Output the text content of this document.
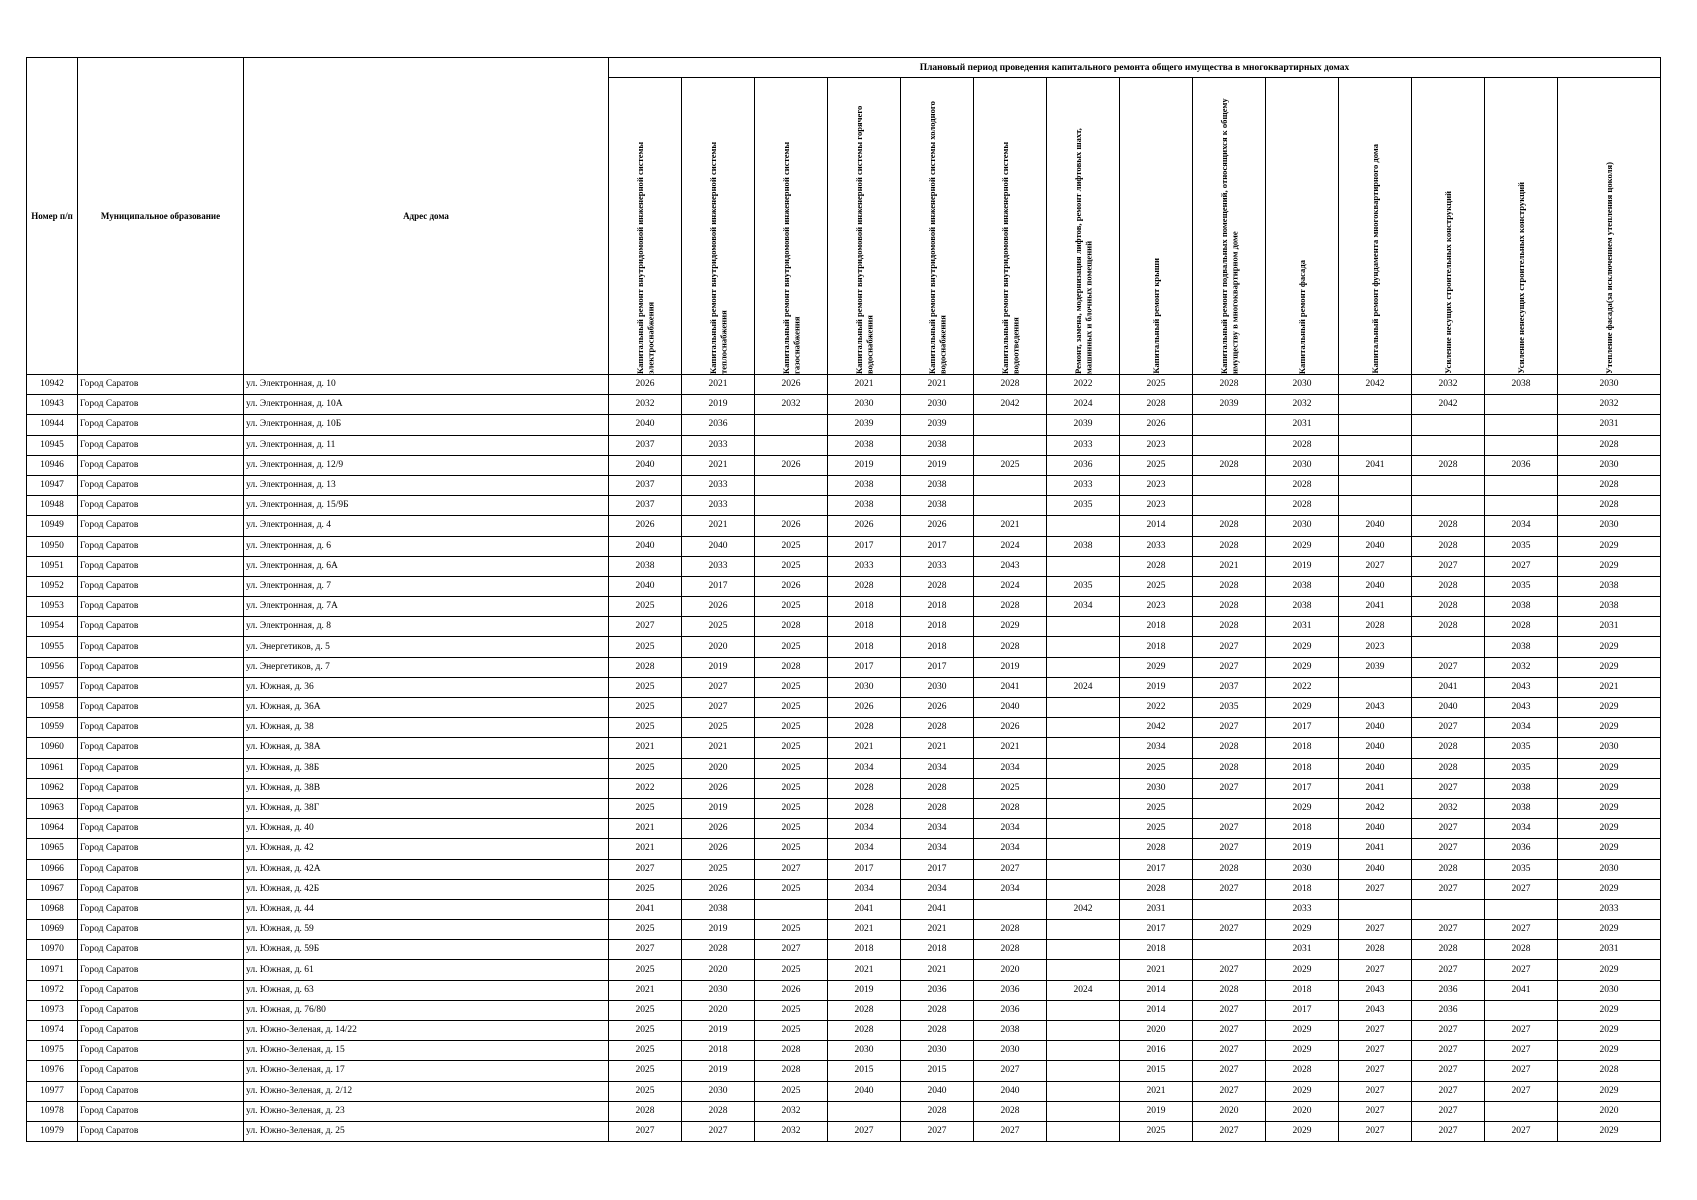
Номер п/п	Муниципальное образование	Адрес дома	Плановый период проведения капитального ремонта общего имущества в многоквартирных домах													

			Капитальный ремонт внутридомовой инженерной системы электроснабжения	Капитальный ремонт внутридомовой инженерной системы теплоснабжения	Капитальный ремонт внутридомовой инженерной системы газоснабжения	Капитальный ремонт внутридомовой инженерной системы горячего водоснабжения	Капитальный ремонт внутридомовой инженерной системы холодного водоснабжения	Капитальный ремонт внутридомовой инженерной системы водоотведения	Ремонт, замена, модернизация лифтов, ремонт лифтовых шахт, машинных и блочных помещений	Капитальный ремонт крыши	Капитальный ремонт подвальных помещений, относящихся к общему имуществу в многоквартирном доме	Капитальный ремонт фасада	Капитальный ремонт фундамента многоквартирного дома	Усиление несущих строительных конструкций	Усиление ненесущих строительных конструкций	Утепление фасада(за исключением утепления цоколя)

10942	Город Саратов	ул. Электронная, д. 10	2026	2021	2026	2021	2021	2028	2022	2025	2028	2030	2042	2032	2038	2030
10943	Город Саратов	ул. Электронная, д. 10А	2032	2019	2032	2030	2030	2042	2024	2028	2039	2032		2042		2032
10944	Город Саратов	ул. Электронная, д. 10Б	2040	2036		2039	2039		2039	2026		2031				2031
10945	Город Саратов	ул. Электронная, д. 11	2037	2033		2038	2038		2033	2023		2028				2028
10946	Город Саратов	ул. Электронная, д. 12/9	2040	2021	2026	2019	2019	2025	2036	2025	2028	2030	2041	2028	2036	2030
10947	Город Саратов	ул. Электронная, д. 13	2037	2033		2038	2038		2033	2023		2028				2028
10948	Город Саратов	ул. Электронная, д. 15/9Б	2037	2033		2038	2038		2035	2023		2028				2028
10949	Город Саратов	ул. Электронная, д. 4	2026	2021	2026	2026	2026	2021		2014	2028	2030	2040	2028	2034	2030
10950	Город Саратов	ул. Электронная, д. 6	2040	2040	2025	2017	2017	2024	2038	2033	2028	2029	2040	2028	2035	2029
10951	Город Саратов	ул. Электронная, д. 6А	2038	2033	2025	2033	2033	2043		2028	2021	2019	2027	2027	2027	2029
10952	Город Саратов	ул. Электронная, д. 7	2040	2017	2026	2028	2028	2024	2035	2025	2028	2038	2040	2028	2035	2038
10953	Город Саратов	ул. Электронная, д. 7А	2025	2026	2025	2018	2018	2028	2034	2023	2028	2038	2041	2028	2038	2038
10954	Город Саратов	ул. Электронная, д. 8	2027	2025	2028	2018	2018	2029		2018	2028	2031	2028	2028	2028	2031
10955	Город Саратов	ул. Энергетиков, д. 5	2025	2020	2025	2018	2018	2028		2018	2027	2029	2023		2038	2029
10956	Город Саратов	ул. Энергетиков, д. 7	2028	2019	2028	2017	2017	2019		2029	2027	2029	2039	2027	2032	2029
10957	Город Саратов	ул. Южная, д. 36	2025	2027	2025	2030	2030	2041	2024	2019	2037	2022		2041	2043	2021
10958	Город Саратов	ул. Южная, д. 36А	2025	2027	2025	2026	2026	2040		2022	2035	2029	2043	2040	2043	2029
10959	Город Саратов	ул. Южная, д. 38	2025	2025	2025	2028	2028	2026		2042	2027	2017	2040	2027	2034	2029
10960	Город Саратов	ул. Южная, д. 38А	2021	2021	2025	2021	2021	2021		2034	2028	2018	2040	2028	2035	2030
10961	Город Саратов	ул. Южная, д. 38Б	2025	2020	2025	2034	2034	2034		2025	2028	2018	2040	2028	2035	2029
10962	Город Саратов	ул. Южная, д. 38В	2022	2026	2025	2028	2028	2025		2030	2027	2017	2041	2027	2038	2029
10963	Город Саратов	ул. Южная, д. 38Г	2025	2019	2025	2028	2028	2028		2025		2029	2042	2032	2038	2029
10964	Город Саратов	ул. Южная, д. 40	2021	2026	2025	2034	2034	2034		2025	2027	2018	2040	2027	2034	2029
10965	Город Саратов	ул. Южная, д. 42	2021	2026	2025	2034	2034	2034		2028	2027	2019	2041	2027	2036	2029
10966	Город Саратов	ул. Южная, д. 42А	2027	2025	2027	2017	2017	2027		2017	2028	2030	2040	2028	2035	2030
10967	Город Саратов	ул. Южная, д. 42Б	2025	2026	2025	2034	2034	2034		2028	2027	2018	2027	2027	2027	2029
10968	Город Саратов	ул. Южная, д. 44	2041	2038		2041	2041		2042	2031		2033				2033
10969	Город Саратов	ул. Южная, д. 59	2025	2019	2025	2021	2021	2028		2017	2027	2029	2027	2027	2027	2029
10970	Город Саратов	ул. Южная, д. 59Б	2027	2028	2027	2018	2018	2028		2018		2031	2028	2028	2028	2031
10971	Город Саратов	ул. Южная, д. 61	2025	2020	2025	2021	2021	2020		2021	2027	2029	2027	2027	2027	2029
10972	Город Саратов	ул. Южная, д. 63	2021	2030	2026	2019	2036	2036	2024	2014	2028	2018	2043	2036	2041	2030
10973	Город Саратов	ул. Южная, д. 76/80	2025	2020	2025	2028	2028	2036		2014	2027	2017	2043	2036		2029
10974	Город Саратов	ул. Южно-Зеленая, д. 14/22	2025	2019	2025	2028	2028	2038		2020	2027	2029	2027	2027	2027	2029
10975	Город Саратов	ул. Южно-Зеленая, д. 15	2025	2018	2028	2030	2030	2030		2016	2027	2029	2027	2027	2027	2029
10976	Город Саратов	ул. Южно-Зеленая, д. 17	2025	2019	2028	2015	2015	2027		2015	2027	2028	2027	2027	2027	2028
10977	Город Саратов	ул. Южно-Зеленая, д. 2/12	2025	2030	2025	2040	2040	2040		2021	2027	2029	2027	2027	2027	2029
10978	Город Саратов	ул. Южно-Зеленая, д. 23	2028	2028	2032		2028	2028		2019	2020	2020	2027	2027		2020
10979	Город Саратов	ул. Южно-Зеленая, д. 25	2027	2027	2032	2027	2027	2027		2025	2027	2029	2027	2027	2027	2029
